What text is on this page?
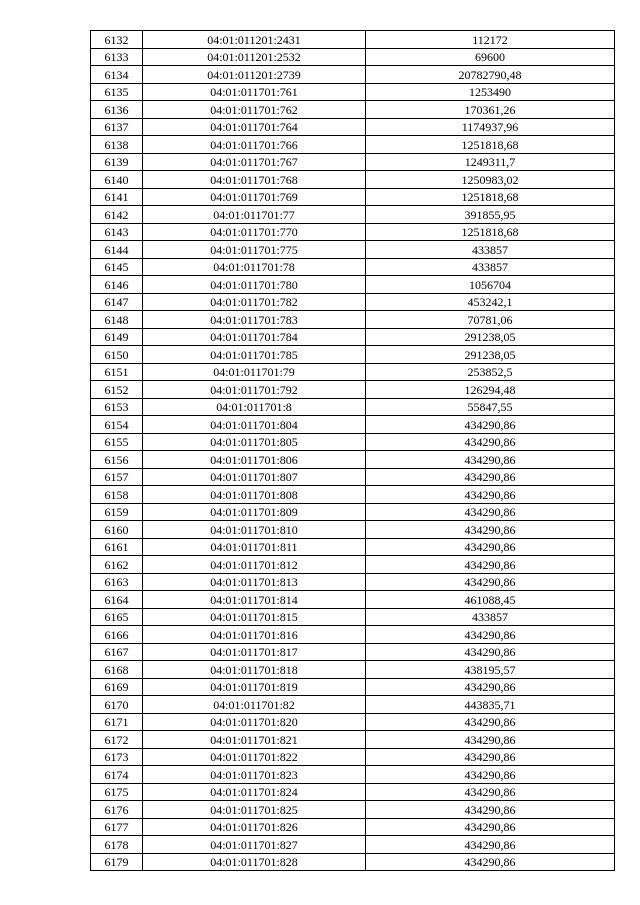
6132	04:01:011201:2431	112172
6133	04:01:011201:2532	69600
6134	04:01:011201:2739	20782790,48
6135	04:01:011701:761	1253490
6136	04:01:011701:762	170361,26
6137	04:01:011701:764	1174937,96
6138	04:01:011701:766	1251818,68
6139	04:01:011701:767	1249311,7
6140	04:01:011701:768	1250983,02
6141	04:01:011701:769	1251818,68
6142	04:01:011701:77	391855,95
6143	04:01:011701:770	1251818,68
6144	04:01:011701:775	433857
6145	04:01:011701:78	433857
6146	04:01:011701:780	1056704
6147	04:01:011701:782	453242,1
6148	04:01:011701:783	70781,06
6149	04:01:011701:784	291238,05
6150	04:01:011701:785	291238,05
6151	04:01:011701:79	253852,5
6152	04:01:011701:792	126294,48
6153	04:01:011701:8	55847,55
6154	04:01:011701:804	434290,86
6155	04:01:011701:805	434290,86
6156	04:01:011701:806	434290,86
6157	04:01:011701:807	434290,86
6158	04:01:011701:808	434290,86
6159	04:01:011701:809	434290,86
6160	04:01:011701:810	434290,86
6161	04:01:011701:811	434290,86
6162	04:01:011701:812	434290,86
6163	04:01:011701:813	434290,86
6164	04:01:011701:814	461088,45
6165	04:01:011701:815	433857
6166	04:01:011701:816	434290,86
6167	04:01:011701:817	434290,86
6168	04:01:011701:818	438195,57
6169	04:01:011701:819	434290,86
6170	04:01:011701:82	443835,71
6171	04:01:011701:820	434290,86
6172	04:01:011701:821	434290,86
6173	04:01:011701:822	434290,86
6174	04:01:011701:823	434290,86
6175	04:01:011701:824	434290,86
6176	04:01:011701:825	434290,86
6177	04:01:011701:826	434290,86
6178	04:01:011701:827	434290,86
6179	04:01:011701:828	434290,86
